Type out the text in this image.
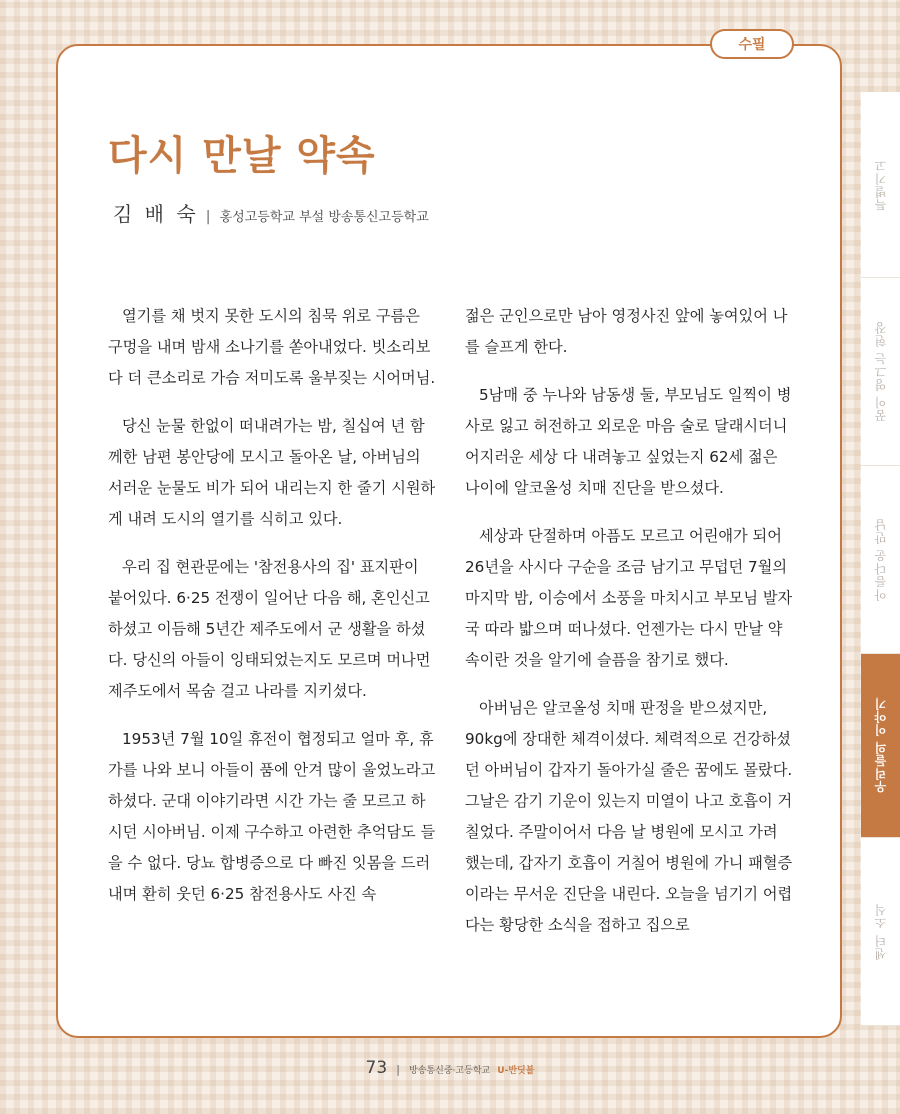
수필
다시 만날 약속
김 배 숙 | 홍성고등학교 부설 방송통신고등학교

열기를 채 벗지 못한 도시의 침묵 위로 구름은 구멍을 내며 밤새 소나기를 쏟아내었다. 빗소리보다 더 큰소리로 가슴 저미도록 울부짖는 시어머님.

당신 눈물 한없이 떠내려가는 밤, 칠십여 년 함께한 남편 봉안당에 모시고 돌아온 날, 아버님의 서러운 눈물도 비가 되어 내리는지 한 줄기 시원하게 내려 도시의 열기를 식히고 있다.

우리 집 현관문에는 '참전용사의 집' 표지판이 붙어있다. 6·25 전쟁이 일어난 다음 해, 혼인신고하셨고 이듬해 5년간 제주도에서 군 생활을 하셨다. 당신의 아들이 잉태되었는지도 모르며 머나먼 제주도에서 목숨 걸고 나라를 지키셨다.

1953년 7월 10일 휴전이 협정되고 얼마 후, 휴가를 나와 보니 아들이 품에 안겨 많이 울었노라고 하셨다. 군대 이야기라면 시간 가는 줄 모르고 하시던 시아버님. 이제 구수하고 아련한 추억담도 들을 수 없다. 당뇨 합병증으로 다 빠진 잇몸을 드러내며 환히 웃던 6·25 참전용사도 사진 속

젊은 군인으로만 남아 영정사진 앞에 놓여있어 나를 슬프게 한다.

5남매 중 누나와 남동생 둘, 부모님도 일찍이 병사로 잃고 허전하고 외로운 마음 술로 달래시더니 어지러운 세상 다 내려놓고 싶었는지 62세 젊은 나이에 알코올성 치매 진단을 받으셨다.

세상과 단절하며 아픔도 모르고 어린애가 되어 26년을 사시다 구순을 조금 남기고 무덥던 7월의 마지막 밤, 이승에서 소풍을 마치시고 부모님 발자국 따라 밟으며 떠나셨다. 언젠가는 다시 만날 약속이란 것을 알기에 슬픔을 참기로 했다.

아버님은 알코올성 치매 판정을 받으셨지만, 90kg에 장대한 체격이셨다. 체력적으로 건강하셨던 아버님이 갑자기 돌아가실 줄은 꿈에도 몰랐다. 그날은 감기 기운이 있는지 미열이 나고 호흡이 거칠었다. 주말이어서 다음 날 병원에 모시고 가려 했는데, 갑자기 호흡이 거칠어 병원에 가니 패혈증이라는 무서운 진단을 내린다. 오늘을 넘기기 어렵다는 황당한 소식을 접하고 집으로

특별기고
꿈이 영그는 현장
아름다운 만남
우리들의 이야기
센터 소식
73 | 방송통신중·고등학교 U-반딧불
